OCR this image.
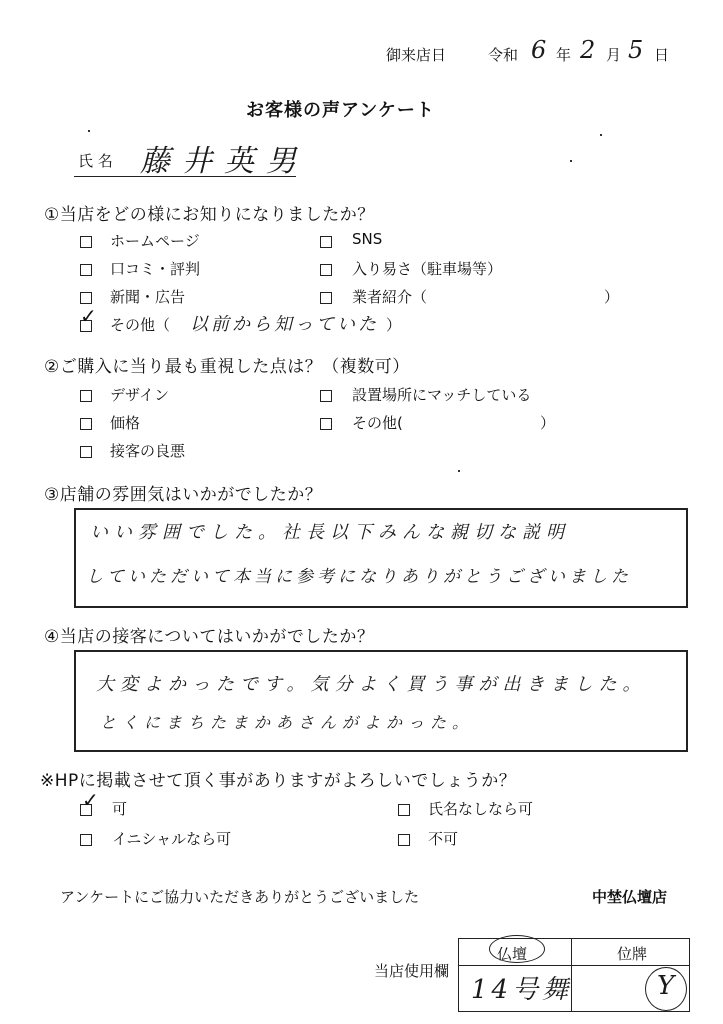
御来店日	令和 6 年 2 月 5 日
お客様の声アンケート
氏 名 藤井英男
①当店をどの様にお知りになりましたか？
ホームページ	SNS
口コミ・評判	入り易さ（駐車場等）
新聞・広告	業者紹介（	）
✓ その他（ 以前から知っていた ）
②ご購入に当り最も重視した点は？（複数可）
デザイン	設置場所にマッチしている
価格	その他(	）
接客の良悪
③店舗の雰囲気はいかがでしたか？
いい雰囲でした。社長以下みんな親切な説明
していただいて本当に参考になりありがとうございました
④当店の接客についてはいかがでしたか？
大変よかったです。気分よく買う事が出きました。
とくにまちたまかあさんがよかった。
※HPに掲載させて頂く事がありますがよろしいでしょうか？
✓ 可	氏名なしなら可
イニシャルなら可	不可
アンケートにご協力いただきありがとうございました	中埜仏壇店
当店使用欄
仏壇	位牌
14号舞	Y
